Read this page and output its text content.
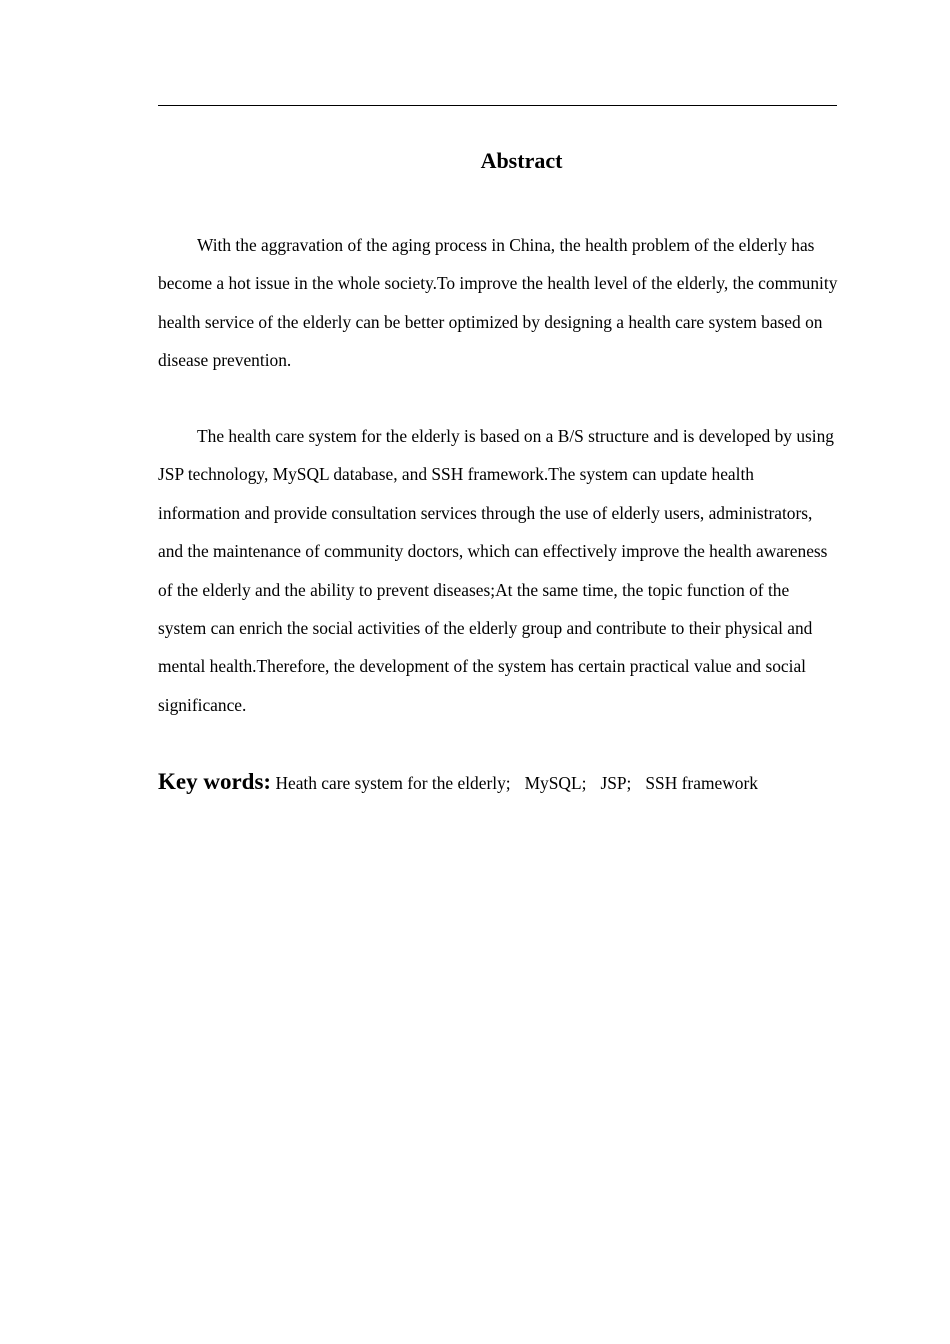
Abstract

With the aggravation of the aging process in China, the health problem of the elderly has become a hot issue in the whole society.To improve the health level of the elderly, the community health service of the elderly can be better optimized by designing a health care system based on disease prevention.

The health care system for the elderly is based on a B/S structure and is developed by using JSP technology, MySQL database, and SSH framework.The system can update health information and provide consultation services through the use of elderly users, administrators, and the maintenance of community doctors, which can effectively improve the health awareness of the elderly and the ability to prevent diseases;At the same time, the topic function of the system can enrich the social activities of the elderly group and contribute to their physical and mental health.Therefore, the development of the system has certain practical value and social significance.

Key words: Heath care system for the elderly; MySQL; JSP; SSH framework
